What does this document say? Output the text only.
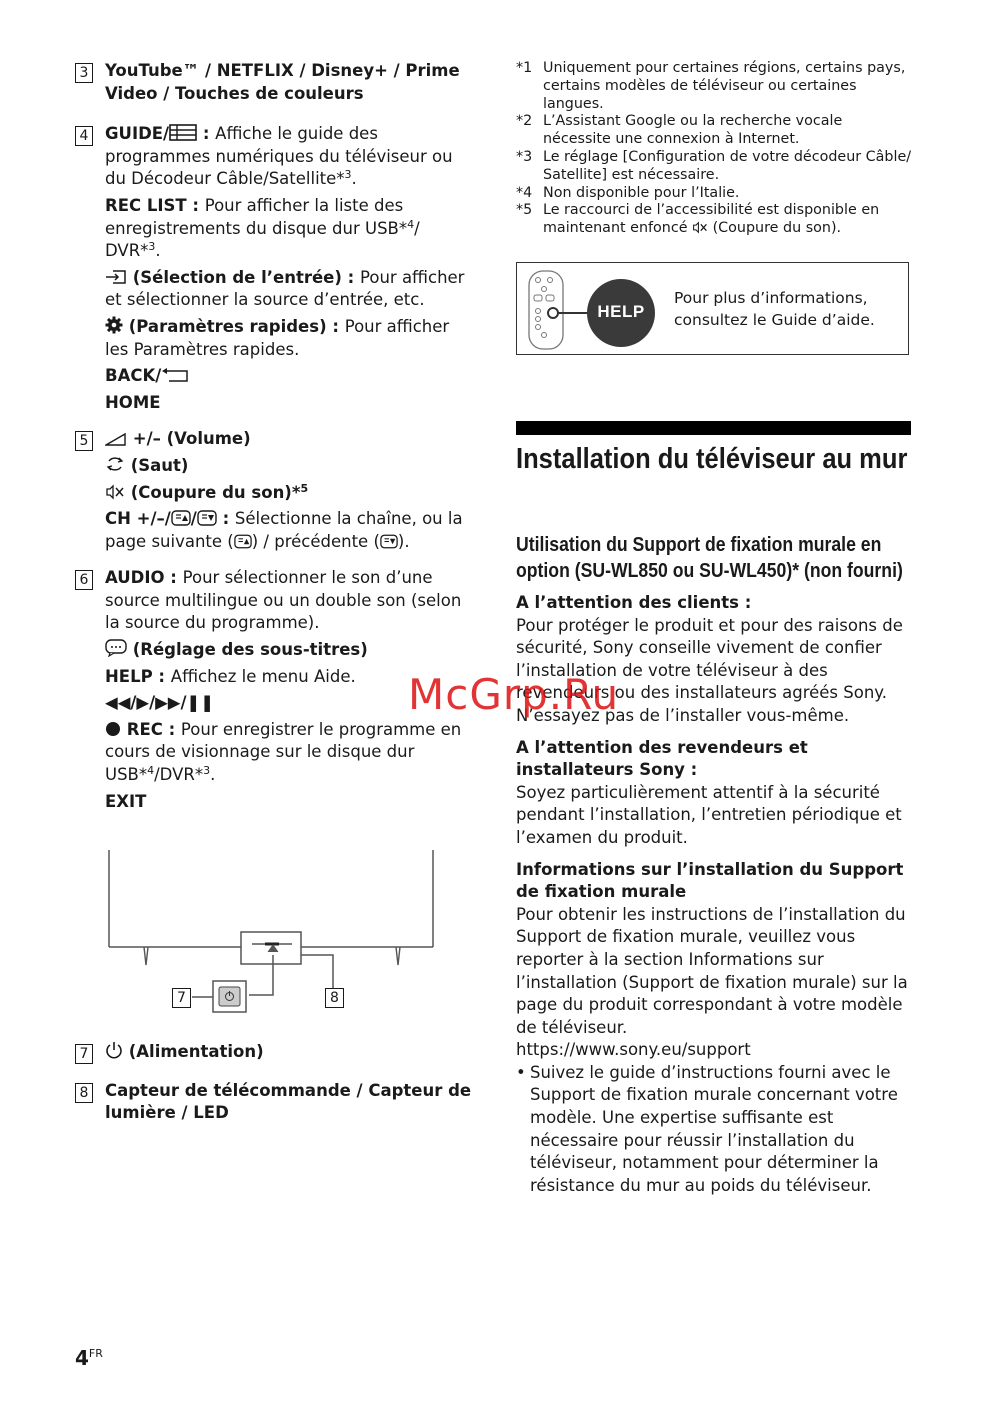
3 YouTube™ / NETFLIX / Disney+ / Prime Video / Touches de couleurs

4 GUIDE/
: Affiche le guide des programmes numériques du téléviseur ou du Décodeur Câble/Satellite*$^3$.

REC LIST : Pour afficher la liste des enregistrements du disque dur USB*$^4$/ DVR*$^3$.

(Sélection de l’entrée) : Pour afficher et sélectionner la source d’entrée, etc.

(Paramètres rapides) : Pour afficher les Paramètres rapides.

BACK/

HOME

5	+/– (Volume)

(Saut)

(Coupure du son)*$^5$

CH +/–/ /
: Sélectionne la chaîne, ou la page suivante ( ) / précédente ( ).

6 AUDIO : Pour sélectionner le son d’une source multilingue ou un double son (selon la source du programme).

(Réglage des sous-titres)

HELP : Affichez le menu Aide.

◀◀/▶/▶▶/❚❚

REC : Pour enregistrer le programme en cours de visionnage sur le disque dur USB*$^4$/DVR*$^3$.

EXIT

7	8
7	(Alimentation)

8 Capteur de télécommande / Capteur de lumière / LED

*1 Uniquement pour certaines régions, certains pays, certains modèles de téléviseur ou certaines langues.
*2 L’Assistant Google ou la recherche vocale nécessite une connexion à Internet.
*3 Le réglage [Configuration de votre décodeur Câble/ Satellite] est nécessaire.
*4 Non disponible pour l’Italie.
*5 Le raccourci de l’accessibilité est disponible en maintenant enfoncé
(Coupure du son).
HELP
Pour plus d’informations, consultez le Guide d’aide.
Installation du téléviseur au mur
Utilisation du Support de fixation murale en option (SU-WL850 ou SU-WL450)* (non fourni)

A l’attention des clients :

Pour protéger le produit et pour des raisons de sécurité, Sony conseille vivement de confier l’installation de votre téléviseur à des revendeurs ou des installateurs agréés Sony. N’essayez pas de l’installer vous-même.

A l’attention des revendeurs et installateurs Sony :

Soyez particulièrement attentif à la sécurité pendant l’installation, l’entretien périodique et l’examen du produit.

Informations sur l’installation du Support de fixation murale

Pour obtenir les instructions de l’installation du Support de fixation murale, veuillez vous reporter à la section Informations sur l’installation (Support de fixation murale) sur la page du produit correspondant à votre modèle de téléviseur.

https://www.sony.eu/support

• Suivez le guide d’instructions fourni avec le Support de fixation murale concernant votre modèle. Une expertise suffisante est nécessaire pour réussir l’installation du téléviseur, notamment pour déterminer la résistance du mur au poids du téléviseur.
McGrp.Ru
$4^{FR}$
